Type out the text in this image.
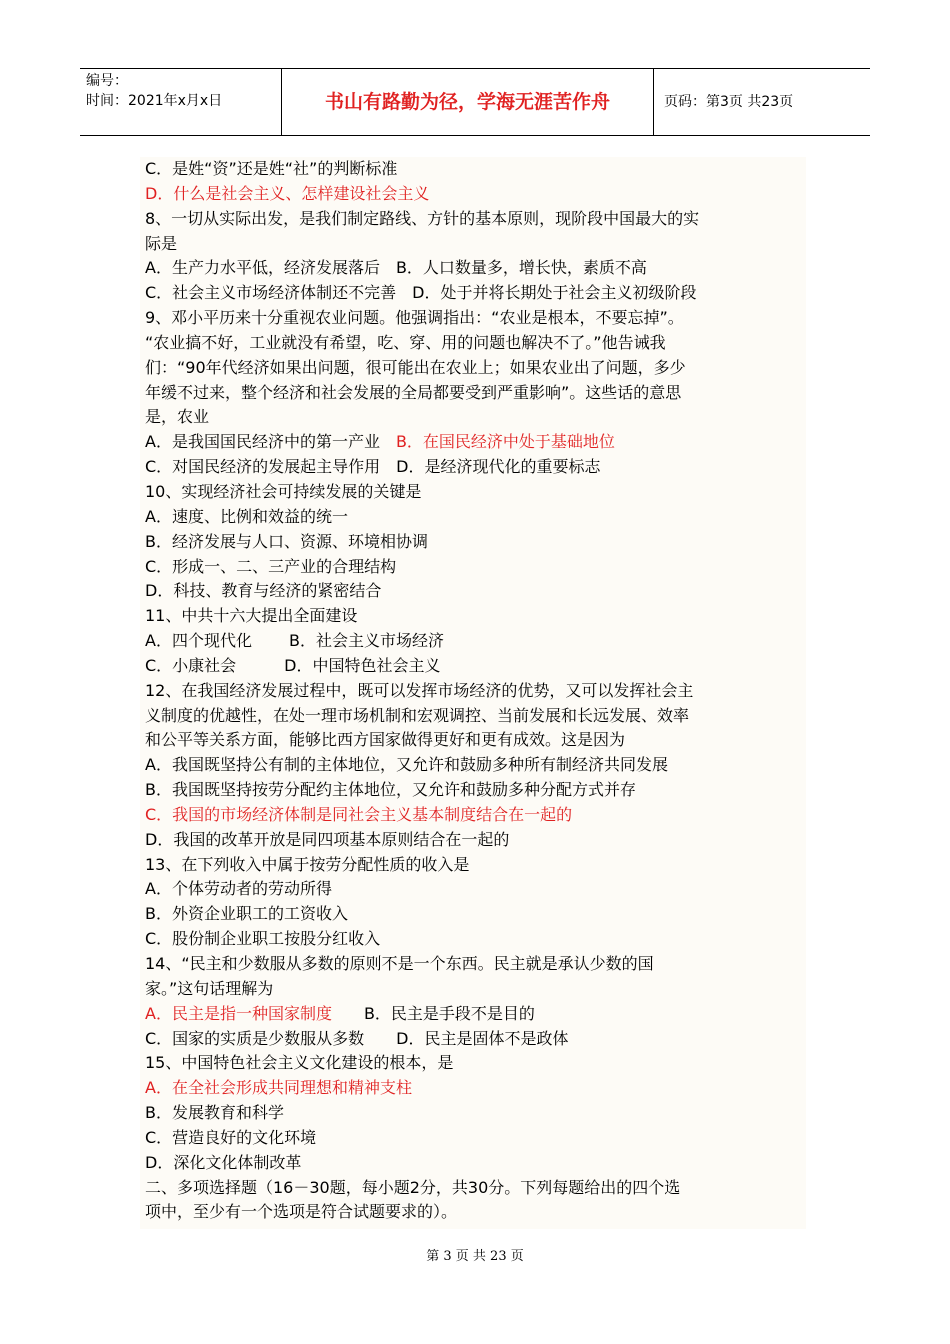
编号：
时间：2021年x月x日	书山有路勤为径，学海无涯苦作舟	页码：第3页 共23页
C．是姓“资”还是姓“社”的判断标准
D．什么是社会主义、怎样建设社会主义
8、一切从实际出发，是我们制定路线、方针的基本原则，现阶段中国最大的实
际是
A．生产力水平低，经济发展落后　B．人口数量多，增长快，素质不高
C．社会主义市场经济体制还不完善　D．处于并将长期处于社会主义初级阶段
9、邓小平历来十分重视农业问题。他强调指出：“农业是根本，不要忘掉”。
“农业搞不好，工业就没有希望，吃、穿、用的问题也解决不了。”他告诫我
们：“90年代经济如果出问题，很可能出在农业上；如果农业出了问题，多少
年缓不过来，整个经济和社会发展的全局都要受到严重影响”。这些话的意思
是，农业
A．是我国国民经济中的第一产业　B．在国民经济中处于基础地位
C．对国民经济的发展起主导作用　D．是经济现代化的重要标志
10、实现经济社会可持续发展的关键是
A．速度、比例和效益的统一
B．经济发展与人口、资源、环境相协调
C．形成一、二、三产业的合理结构
D．科技、教育与经济的紧密结合
11、中共十六大提出全面建设
A．四个现代化　　 B．社会主义市场经济
C．小康社会　　　D．中国特色社会主义
12、在我国经济发展过程中，既可以发挥市场经济的优势，又可以发挥社会主
义制度的优越性，在处一理市场机制和宏观调控、当前发展和长远发展、效率
和公平等关系方面，能够比西方国家做得更好和更有成效。这是因为
A．我国既坚持公有制的主体地位，又允许和鼓励多种所有制经济共同发展
B．我国既坚持按劳分配约主体地位，又允许和鼓励多种分配方式并存
C．我国的市场经济体制是同社会主义基本制度结合在一起的
D．我国的改革开放是同四项基本原则结合在一起的
13、在下列收入中属于按劳分配性质的收入是
A．个体劳动者的劳动所得
B．外资企业职工的工资收入
C．股份制企业职工按股分红收入
14、“民主和少数服从多数的原则不是一个东西。民主就是承认少数的国
家。”这句话理解为
A．民主是指一种国家制度　　B．民主是手段不是目的
C．国家的实质是少数服从多数　　D．民主是固体不是政体
15、中国特色社会主义文化建设的根本，是
A．在全社会形成共同理想和精神支柱
B．发展教育和科学
C．营造良好的文化环境
D．深化文化体制改革
二、多项选择题（16－30题，每小题2分，共30分。下列每题给出的四个选
项中，至少有一个选项是符合试题要求的）。
第 3 页 共 23 页
